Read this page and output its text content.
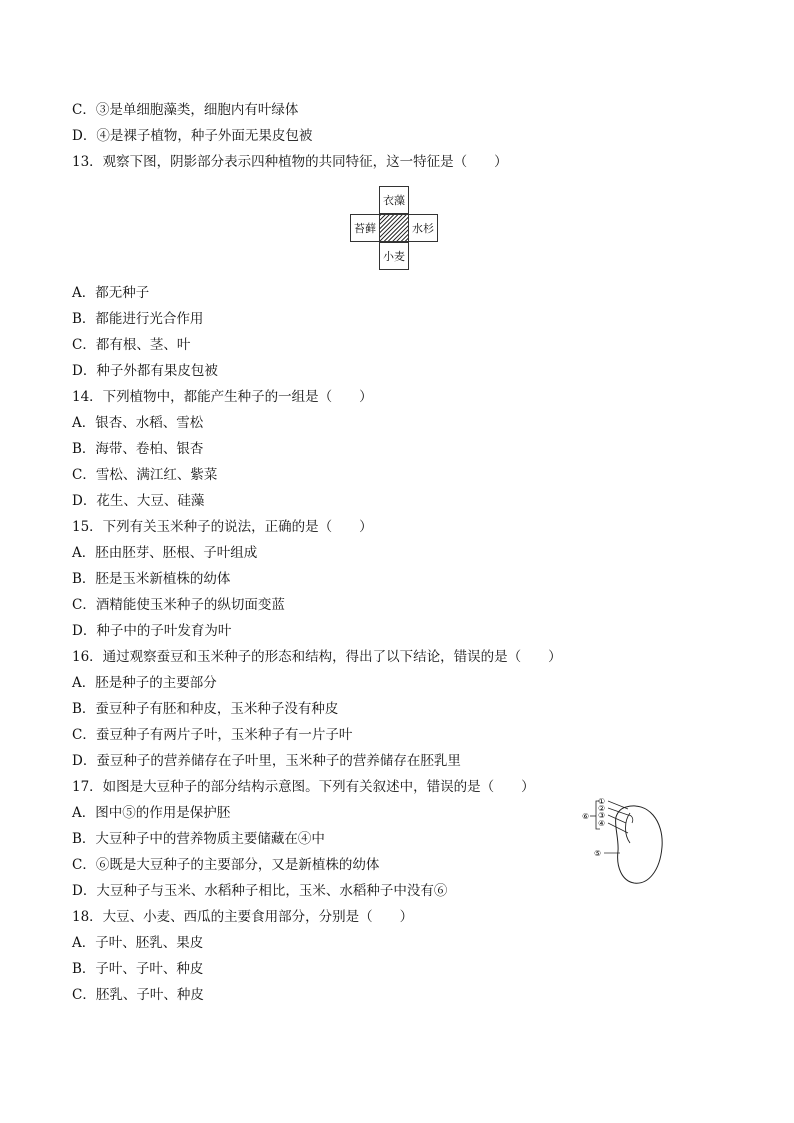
C．③是单细胞藻类，细胞内有叶绿体
D．④是裸子植物，种子外面无果皮包被
13．观察下图，阴影部分表示四种植物的共同特征，这一特征是（　　）
A．都无种子
B．都能进行光合作用
C．都有根、茎、叶
D．种子外都有果皮包被
14．下列植物中，都能产生种子的一组是（　　）
A．银杏、水稻、雪松
B．海带、卷柏、银杏
C．雪松、满江红、紫菜
D．花生、大豆、硅藻
15．下列有关玉米种子的说法，正确的是（　　）
A．胚由胚芽、胚根、子叶组成
B．胚是玉米新植株的幼体
C．酒精能使玉米种子的纵切面变蓝
D．种子中的子叶发育为叶
16．通过观察蚕豆和玉米种子的形态和结构，得出了以下结论，错误的是（　　）
A．胚是种子的主要部分
B．蚕豆种子有胚和种皮，玉米种子没有种皮
C．蚕豆种子有两片子叶，玉米种子有一片子叶
D．蚕豆种子的营养储存在子叶里，玉米种子的营养储存在胚乳里
17．如图是大豆种子的部分结构示意图。下列有关叙述中，错误的是（　　）
A．图中⑤的作用是保护胚
B．大豆种子中的营养物质主要储藏在④中
C．⑥既是大豆种子的主要部分，又是新植株的幼体
D．大豆种子与玉米、水稻种子相比，玉米、水稻种子中没有⑥
18．大豆、小麦、西瓜的主要食用部分，分别是（　　）
A．子叶、胚乳、果皮
B．子叶、子叶、种皮
C．胚乳、子叶、种皮
衣藻
苔藓	水杉
小麦
①
②
③
④
⑤
⑥
